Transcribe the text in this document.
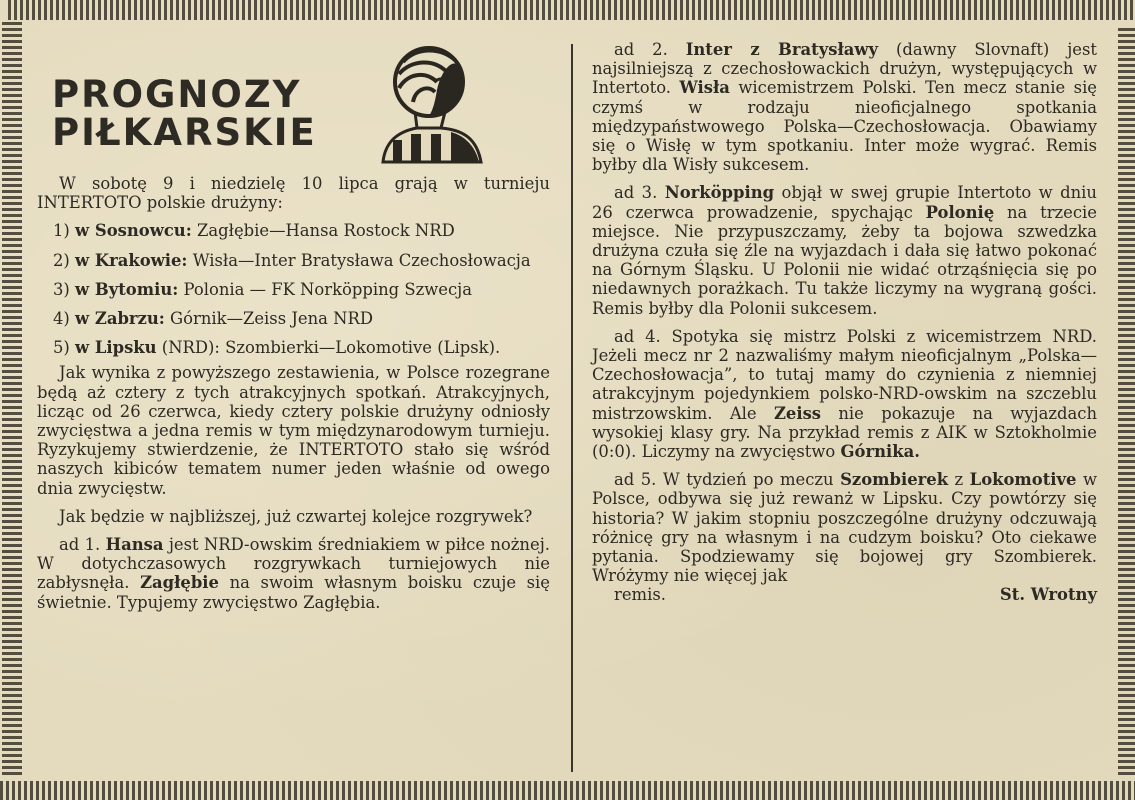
PROGNOZY
PIŁKARSKIE

W sobotę 9 i niedzielę 10 lipca grają w turnieju INTERTOTO polskie drużyny:

1) w Sosnowcu: Zagłębie—Hansa Rostock NRD

2) w Krakowie: Wisła—Inter Bratysława Czechosłowacja

3) w Bytomiu: Polonia — FK Norköpping Szwecja

4) w Zabrzu: Górnik—Zeiss Jena NRD

5) w Lipsku (NRD): Szombierki—Lokomotive (Lipsk).

Jak wynika z powyższego zestawienia, w Polsce rozegrane będą aż cztery z tych atrakcyjnych spotkań. Atrakcyjnych, licząc od 26 czerwca, kiedy cztery polskie drużyny odniosły zwycięstwa a jedna remis w tym międzynarodowym turnieju. Ryzykujemy stwierdzenie, że INTERTOTO stało się wśród naszych kibiców tematem numer jeden właśnie od owego dnia zwycięstw.

Jak będzie w najbliższej, już czwartej kolejce rozgrywek?

ad 1. Hansa jest NRD-owskim średniakiem w piłce nożnej. W dotychczasowych rozgrywkach turniejowych nie zabłysnęła. Zagłębie na swoim własnym boisku czuje się świetnie. Typujemy zwycięstwo Zagłębia.

ad 2. Inter z Bratysławy (dawny Slovnaft) jest najsilniejszą z czechosłowackich drużyn, występujących w Intertoto. Wisła wicemistrzem Polski. Ten mecz stanie się czymś w rodzaju nieoficjalnego spotkania międzypaństwowego Polska—Czechosłowacja. Obawiamy się o Wisłę w tym spotkaniu. Inter może wygrać. Remis byłby dla Wisły sukcesem.

ad 3. Norköpping objął w swej grupie Intertoto w dniu 26 czerwca prowadzenie, spychając Polonię na trzecie miejsce. Nie przypuszczamy, żeby ta bojowa szwedzka drużyna czuła się źle na wyjazdach i dała się łatwo pokonać na Górnym Śląsku. U Polonii nie widać otrząśnięcia się po niedawnych porażkach. Tu także liczymy na wygraną gości. Remis byłby dla Polonii sukcesem.

ad 4. Spotyka się mistrz Polski z wicemistrzem NRD. Jeżeli mecz nr 2 nazwaliśmy małym nieoficjalnym „Polska—Czechosłowacja”, to tutaj mamy do czynienia z niemniej atrakcyjnym pojedynkiem polsko-NRD-owskim na szczeblu mistrzowskim. Ale Zeiss nie pokazuje na wyjazdach wysokiej klasy gry. Na przykład remis z AIK w Sztokholmie (0:0). Liczymy na zwycięstwo Górnika.

ad 5. W tydzień po meczu Szombierek z Lokomotive w Polsce, odbywa się już rewanż w Lipsku. Czy powtórzy się historia? W jakim stopniu poszczególne drużyny odczuwają różnicę gry na własnym i na cudzym boisku? Oto ciekawe pytania. Spodziewamy się bojowej gry Szombierek. Wróżymy nie więcej jak

remis.	St. Wrotny
